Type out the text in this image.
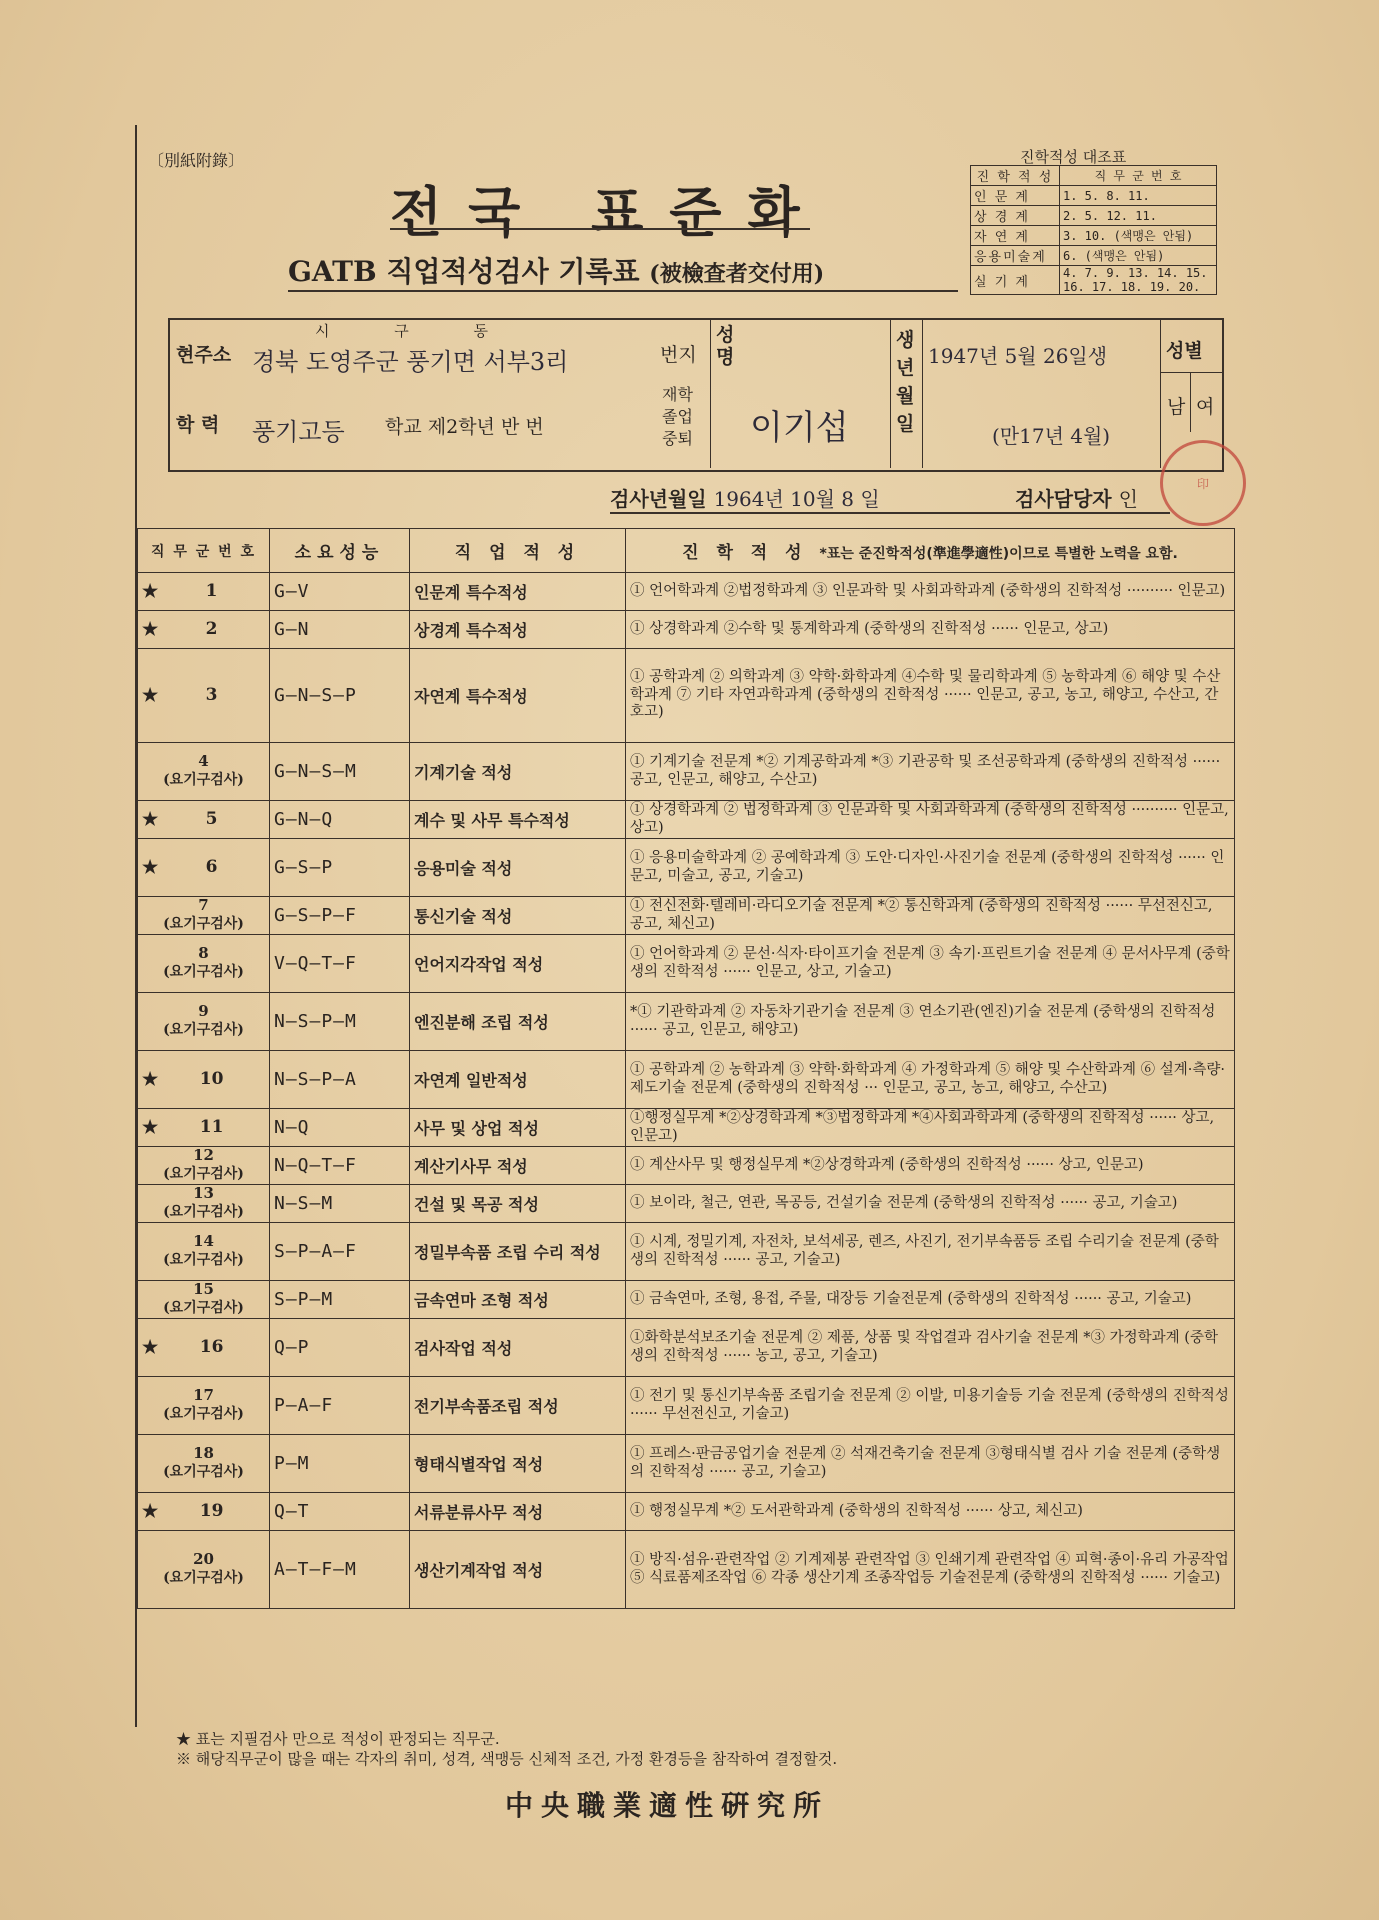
〔別紙附錄〕
전국 표준화
GATB 직업적성검사 기록표 (被檢查者交付用)
진학적성 대조표
진 학 적 성	직 무 군 번 호
인 문 계	1. 5. 8. 11.
상 경 계	2. 5. 12. 11.
자 연 계	3. 10. (색맹은 안됨)
응용미술계	6. (색맹은 안됨)
실 기 계	4. 7. 9. 13. 14. 15. 16. 17. 18. 19. 20.
현주소
시 구 동
경북 도영주군 풍기면 서부3리	번지
성명
이기섭
생년월일
1947년 5월 26일생
(만17년 4월)
성별
남 여
학 력 풍기고등 학교 제2학년 반 번
재학
졸업
중퇴
검사년월일 1964년 10월 8 일	검사담당자 인
印
직 무 군 번 호	소요성능	직 업 적 성	진 학 적 성 *표는 준진학적성(準進學適性)이므로 특별한 노력을 요함.

★ 1	G—V	인문계 특수적성	① 언어학과계 ②법정학과계 ③ 인문과학 및 사회과학과계 (중학생의 진학적성 ·········· 인문고)

★ 2	G—N	상경계 특수적성	① 상경학과계 ②수학 및 통계학과계 (중학생의 진학적성 ······ 인문고, 상고)

★ 3	G—N—S—P	자연계 특수적성	① 공학과계 ② 의학과계 ③ 약학·화학과계 ④수학 및 물리학과계 ⑤ 농학과계 ⑥ 해양 및 수산학과계 ⑦ 기타 자연과학과계 (중학생의 진학적성 ······ 인문고, 공고, 농고, 해양고, 수산고, 간호고)

4
(요기구검사)	G—N—S—M	기계기술 적성	① 기계기술 전문계 *② 기계공학과계 *③ 기관공학 및 조선공학과계 (중학생의 진학적성 ······ 공고, 인문고, 해양고, 수산고)

★ 5	G—N—Q	계수 및 사무 특수적성	① 상경학과계 ② 법정학과계 ③ 인문과학 및 사회과학과계 (중학생의 진학적성 ·········· 인문고, 상고)

★ 6	G—S—P	응용미술 적성	① 응용미술학과계 ② 공예학과계 ③ 도안·디자인·사진기술 전문계 (중학생의 진학적성 ······ 인문고, 미술고, 공고, 기술고)

7
(요기구검사)	G—S—P—F	통신기술 적성	① 전신전화·텔레비·라디오기술 전문계 *② 통신학과계 (중학생의 진학적성 ······ 무선전신고, 공고, 체신고)

8
(요기구검사)	V—Q—T—F	언어지각작업 적성	① 언어학과계 ② 문선·식자·타이프기술 전문계 ③ 속기·프린트기술 전문계 ④ 문서사무계 (중학생의 진학적성 ······ 인문고, 상고, 기술고)

9
(요기구검사)	N—S—P—M	엔진분해 조립 적성	*① 기관학과계 ② 자동차기관기술 전문계 ③ 연소기관(엔진)기술 전문계 (중학생의 진학적성 ······ 공고, 인문고, 해양고)

★ 10	N—S—P—A	자연계 일반적성	① 공학과계 ② 농학과계 ③ 약학·화학과계 ④ 가정학과계 ⑤ 해양 및 수산학과계 ⑥ 설계·측량·제도기술 전문계 (중학생의 진학적성 ··· 인문고, 공고, 농고, 해양고, 수산고)

★ 11	N—Q	사무 및 상업 적성	①행정실무계 *②상경학과계 *③법정학과계 *④사회과학과계 (중학생의 진학적성 ······ 상고, 인문고)

12
(요기구검사)	N—Q—T—F	계산기사무 적성	① 계산사무 및 행정실무계 *②상경학과계 (중학생의 진학적성 ······ 상고, 인문고)

13
(요기구검사)	N—S—M	건설 및 목공 적성	① 보이라, 철근, 연관, 목공등, 건설기술 전문계 (중학생의 진학적성 ······ 공고, 기술고)

14
(요기구검사)	S—P—A—F	정밀부속품 조립 수리 적성	① 시계, 정밀기계, 자전차, 보석세공, 렌즈, 사진기, 전기부속품등 조립 수리기술 전문계 (중학생의 진학적성 ······ 공고, 기술고)

15
(요기구검사)	S—P—M	금속연마 조형 적성	① 금속연마, 조형, 용접, 주물, 대장등 기술전문계 (중학생의 진학적성 ······ 공고, 기술고)

★ 16	Q—P	검사작업 적성	①화학분석보조기술 전문계 ② 제품, 상품 및 작업결과 검사기술 전문계 *③ 가정학과계 (중학생의 진학적성 ······ 농고, 공고, 기술고)

17
(요기구검사)	P—A—F	전기부속품조립 적성	① 전기 및 통신기부속품 조립기술 전문계 ② 이발, 미용기술등 기술 전문계 (중학생의 진학적성 ······ 무선전신고, 기술고)

18
(요기구검사)	P—M	형태식별작업 적성	① 프레스·판금공업기술 전문계 ② 석재건축기술 전문계 ③형태식별 검사 기술 전문계 (중학생의 진학적성 ······ 공고, 기술고)

★ 19	Q—T	서류분류사무 적성	① 행정실무계 *② 도서관학과계 (중학생의 진학적성 ······ 상고, 체신고)

20
(요기구검사)	A—T—F—M	생산기계작업 적성	① 방직·섬유·관련작업 ② 기계제봉 관련작업 ③ 인쇄기계 관련작업 ④ 피혁·종이·유리 가공작업 ⑤ 식료품제조작업 ⑥ 각종 생산기계 조종작업등 기술전문계 (중학생의 진학적성 ······ 기술고)
★ 표는 지필검사 만으로 적성이 판정되는 직무군.
※ 해당직무군이 많을 때는 각자의 취미, 성격, 색맹등 신체적 조건, 가정 환경등을 참작하여 결정할것.
中央職業適性硏究所
